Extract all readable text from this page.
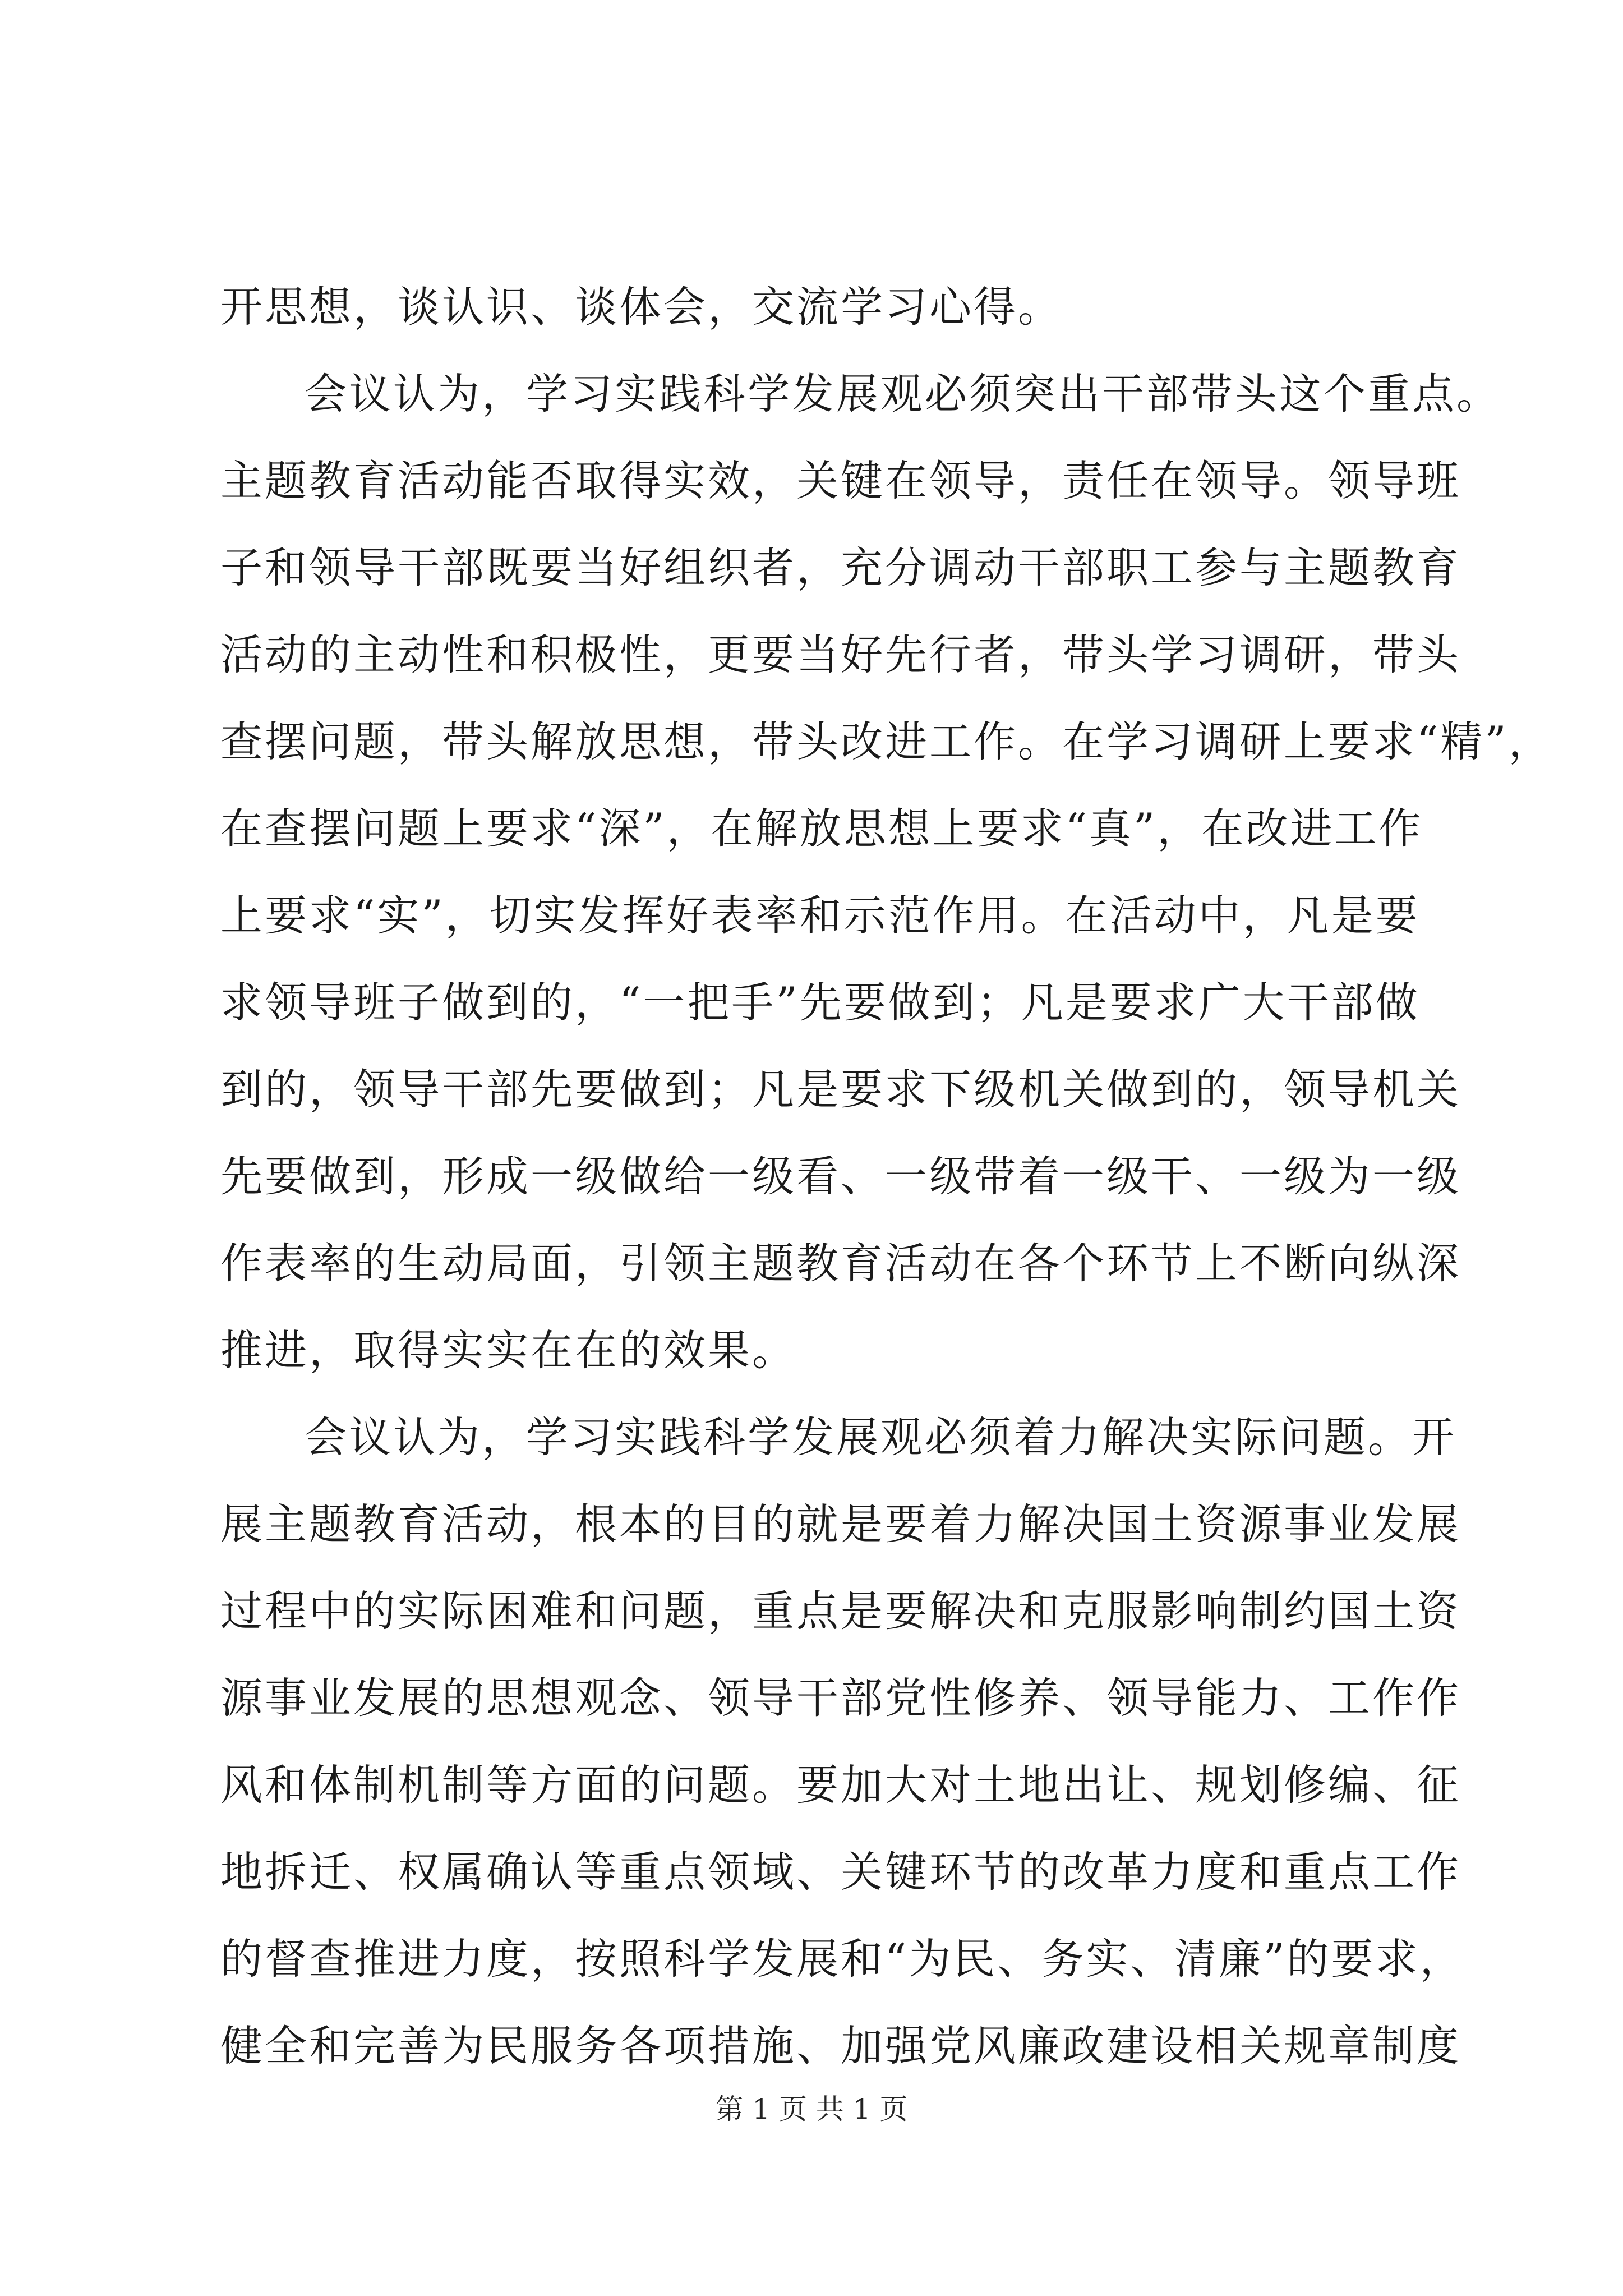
开思想，谈认识、谈体会，交流学习心得。
会议认为，学习实践科学发展观必须突出干部带头这个重点。
主题教育活动能否取得实效，关键在领导，责任在领导。领导班
子和领导干部既要当好组织者，充分调动干部职工参与主题教育
活动的主动性和积极性，更要当好先行者，带头学习调研，带头
查摆问题，带头解放思想，带头改进工作。在学习调研上要求“精”，
在查摆问题上要求“深”，在解放思想上要求“真”，在改进工作
上要求“实”，切实发挥好表率和示范作用。在活动中，凡是要
求领导班子做到的，“一把手”先要做到；凡是要求广大干部做
到的，领导干部先要做到；凡是要求下级机关做到的，领导机关
先要做到，形成一级做给一级看、一级带着一级干、一级为一级
作表率的生动局面，引领主题教育活动在各个环节上不断向纵深
推进，取得实实在在的效果。
会议认为，学习实践科学发展观必须着力解决实际问题。开
展主题教育活动，根本的目的就是要着力解决国土资源事业发展
过程中的实际困难和问题，重点是要解决和克服影响制约国土资
源事业发展的思想观念、领导干部党性修养、领导能力、工作作
风和体制机制等方面的问题。要加大对土地出让、规划修编、征
地拆迁、权属确认等重点领域、关键环节的改革力度和重点工作
的督查推进力度，按照科学发展和“为民、务实、清廉”的要求，
健全和完善为民服务各项措施、加强党风廉政建设相关规章制度
第 1 页 共 1 页
